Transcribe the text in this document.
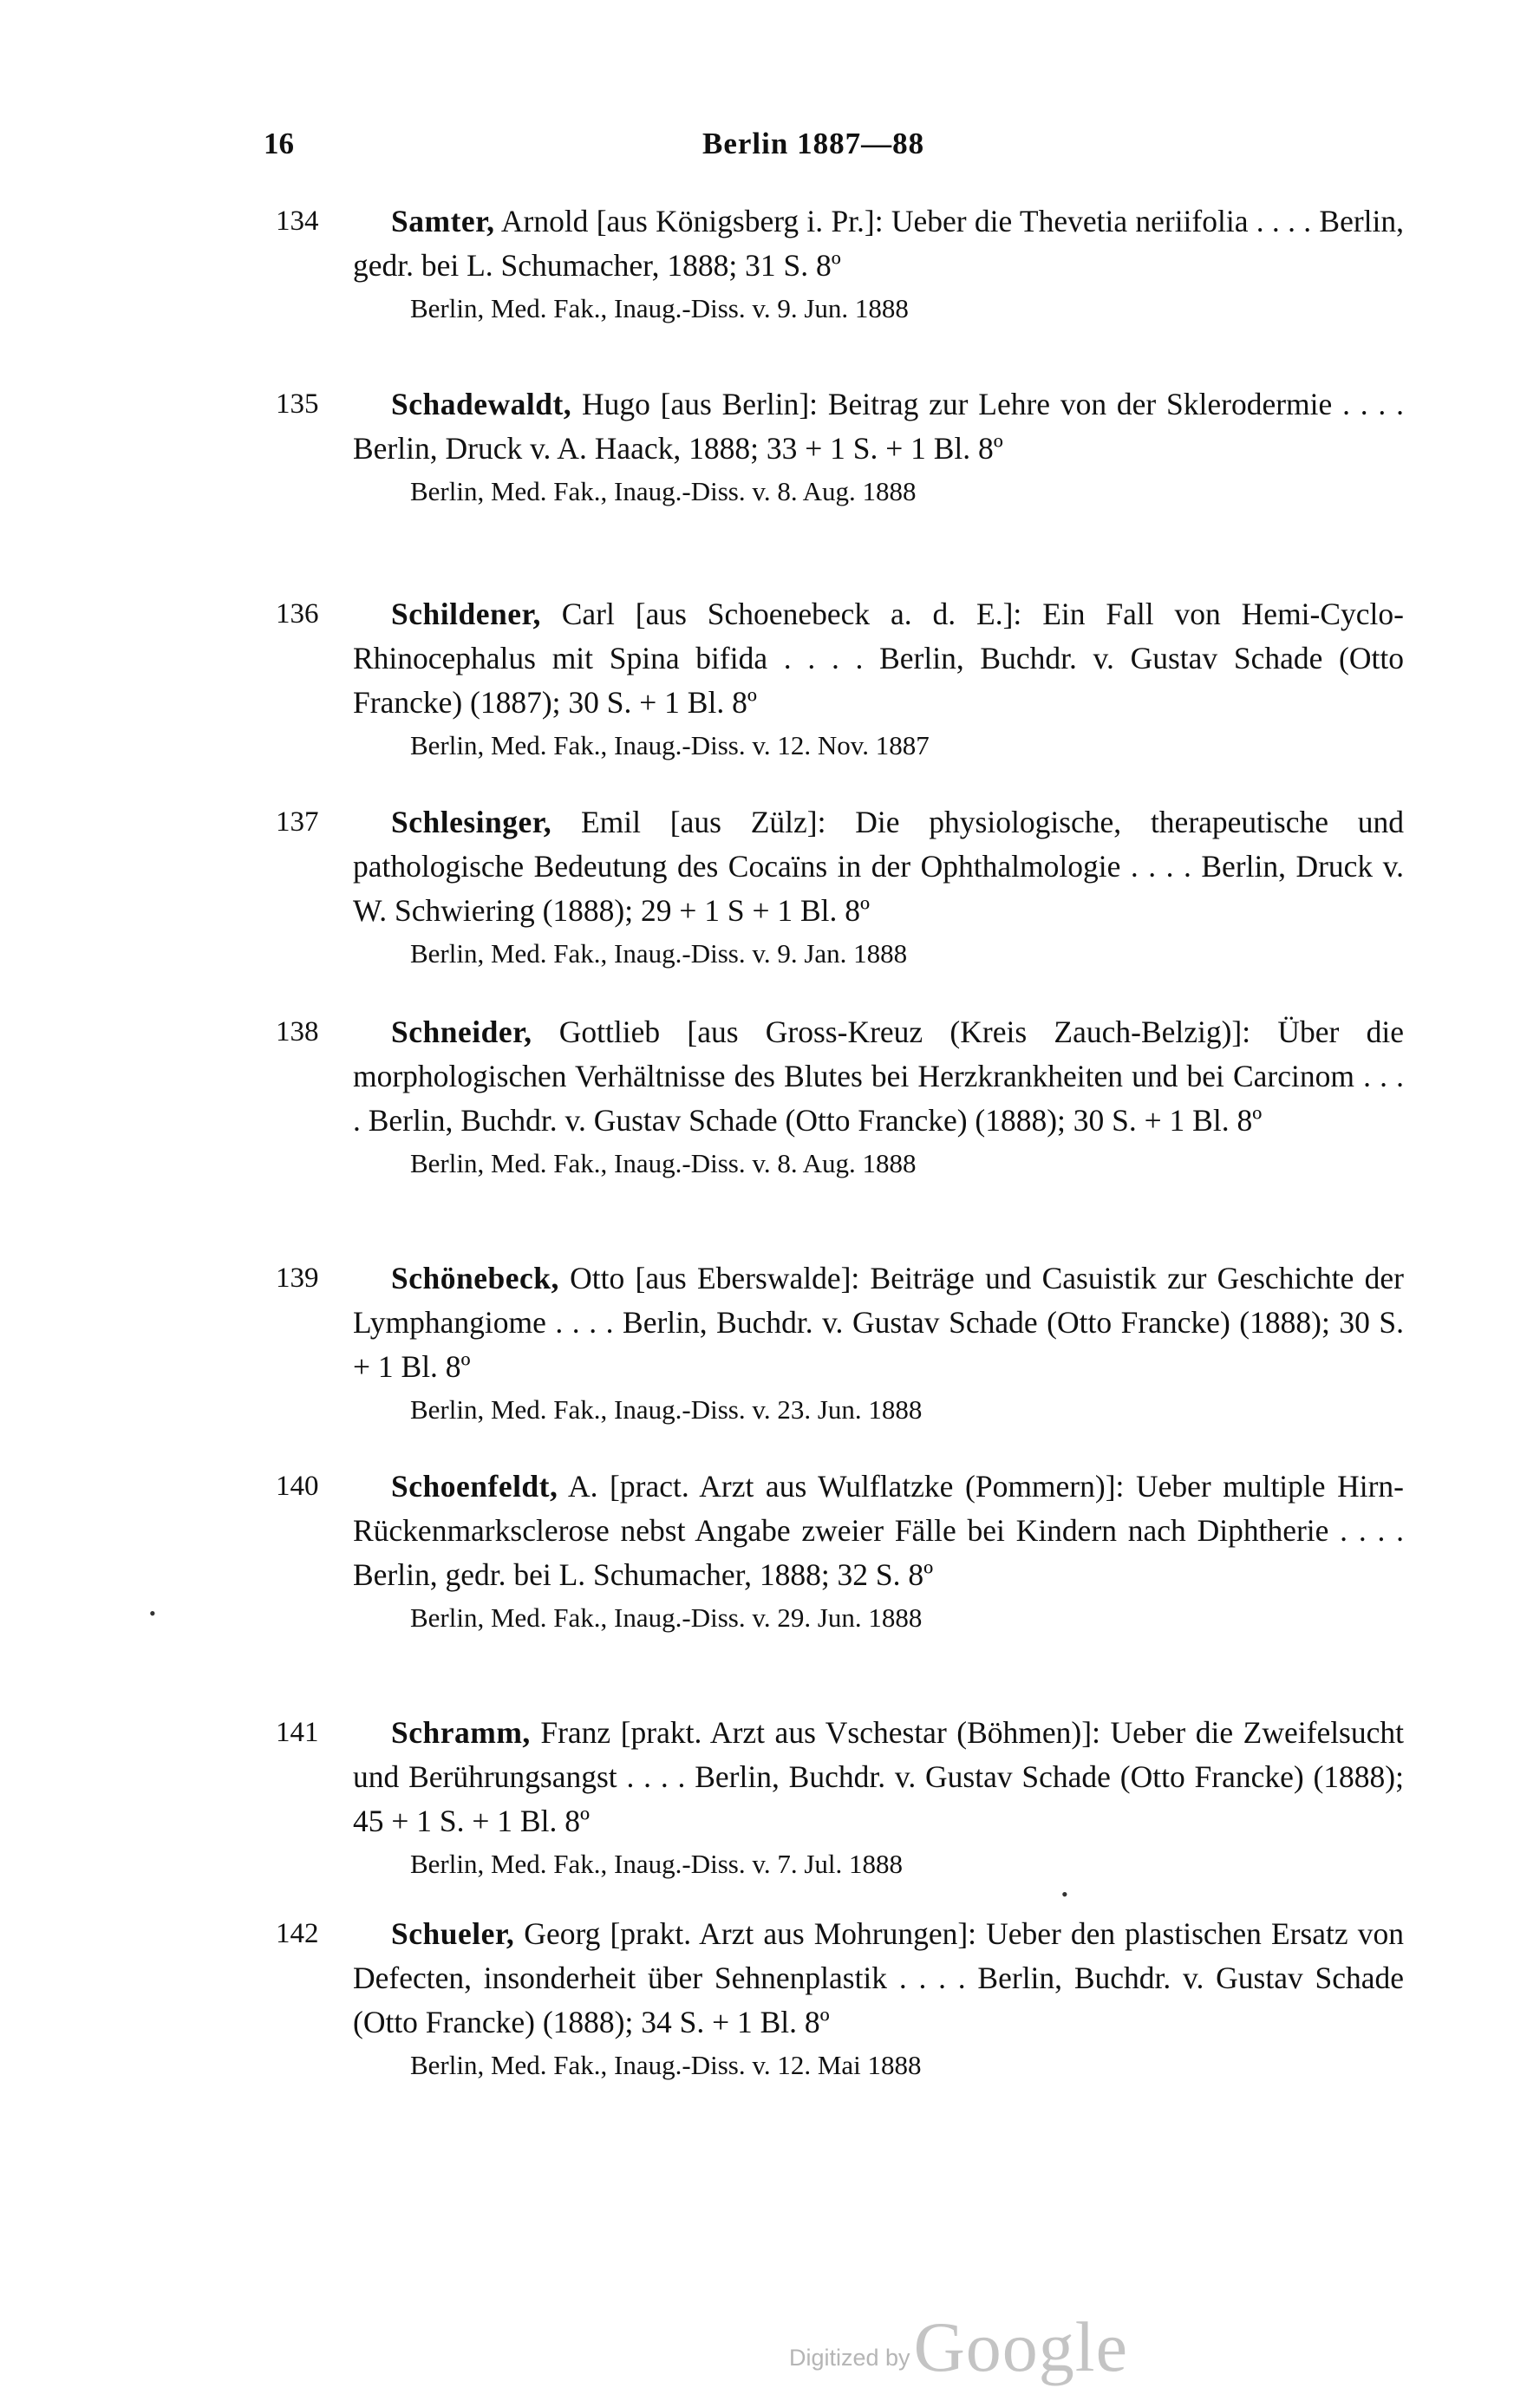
16	Berlin 1887—88
134	Samter, Arnold [aus Königsberg i. Pr.]: Ueber die Thevetia neriifolia . . . . Berlin, gedr. bei L. Schumacher, 1888; 31 S. 8º
Berlin, Med. Fak., Inaug.-Diss. v. 9. Jun. 1888
135	Schadewaldt, Hugo [aus Berlin]: Beitrag zur Lehre von der Sklerodermie . . . . Berlin, Druck v. A. Haack, 1888; 33 + 1 S. + 1 Bl. 8º
Berlin, Med. Fak., Inaug.-Diss. v. 8. Aug. 1888
136	Schildener, Carl [aus Schoenebeck a. d. E.]: Ein Fall von Hemi-Cyclo-Rhinocephalus mit Spina bifida . . . . Berlin, Buchdr. v. Gustav Schade (Otto Francke) (1887); 30 S. + 1 Bl. 8º
Berlin, Med. Fak., Inaug.-Diss. v. 12. Nov. 1887
137	Schlesinger, Emil [aus Zülz]: Die physiologische, therapeutische und pathologische Bedeutung des Cocaïns in der Ophthalmologie . . . . Berlin, Druck v. W. Schwiering (1888); 29 + 1 S + 1 Bl. 8º
Berlin, Med. Fak., Inaug.-Diss. v. 9. Jan. 1888
138	Schneider, Gottlieb [aus Gross-Kreuz (Kreis Zauch-Belzig)]: Über die morphologischen Verhältnisse des Blutes bei Herzkrankheiten und bei Carcinom . . . . Berlin, Buchdr. v. Gustav Schade (Otto Francke) (1888); 30 S. + 1 Bl. 8º
Berlin, Med. Fak., Inaug.-Diss. v. 8. Aug. 1888
139	Schönebeck, Otto [aus Eberswalde]: Beiträge und Casuistik zur Geschichte der Lymphangiome . . . . Berlin, Buchdr. v. Gustav Schade (Otto Francke) (1888); 30 S. + 1 Bl. 8º
Berlin, Med. Fak., Inaug.-Diss. v. 23. Jun. 1888
140	Schoenfeldt, A. [pract. Arzt aus Wulflatzke (Pommern)]: Ueber multiple Hirn-Rückenmarksclerose nebst Angabe zweier Fälle bei Kindern nach Diphtherie . . . . Berlin, gedr. bei L. Schumacher, 1888; 32 S. 8º
Berlin, Med. Fak., Inaug.-Diss. v. 29. Jun. 1888
141	Schramm, Franz [prakt. Arzt aus Vschestar (Böhmen)]: Ueber die Zweifelsucht und Berührungsangst . . . . Berlin, Buchdr. v. Gustav Schade (Otto Francke) (1888); 45 + 1 S. + 1 Bl. 8º
Berlin, Med. Fak., Inaug.-Diss. v. 7. Jul. 1888
142	Schueler, Georg [prakt. Arzt aus Mohrungen]: Ueber den plastischen Ersatz von Defecten, insonderheit über Sehnenplastik . . . . Berlin, Buchdr. v. Gustav Schade (Otto Francke) (1888); 34 S. + 1 Bl. 8º
Berlin, Med. Fak., Inaug.-Diss. v. 12. Mai 1888
•
•
Digitized by Google
